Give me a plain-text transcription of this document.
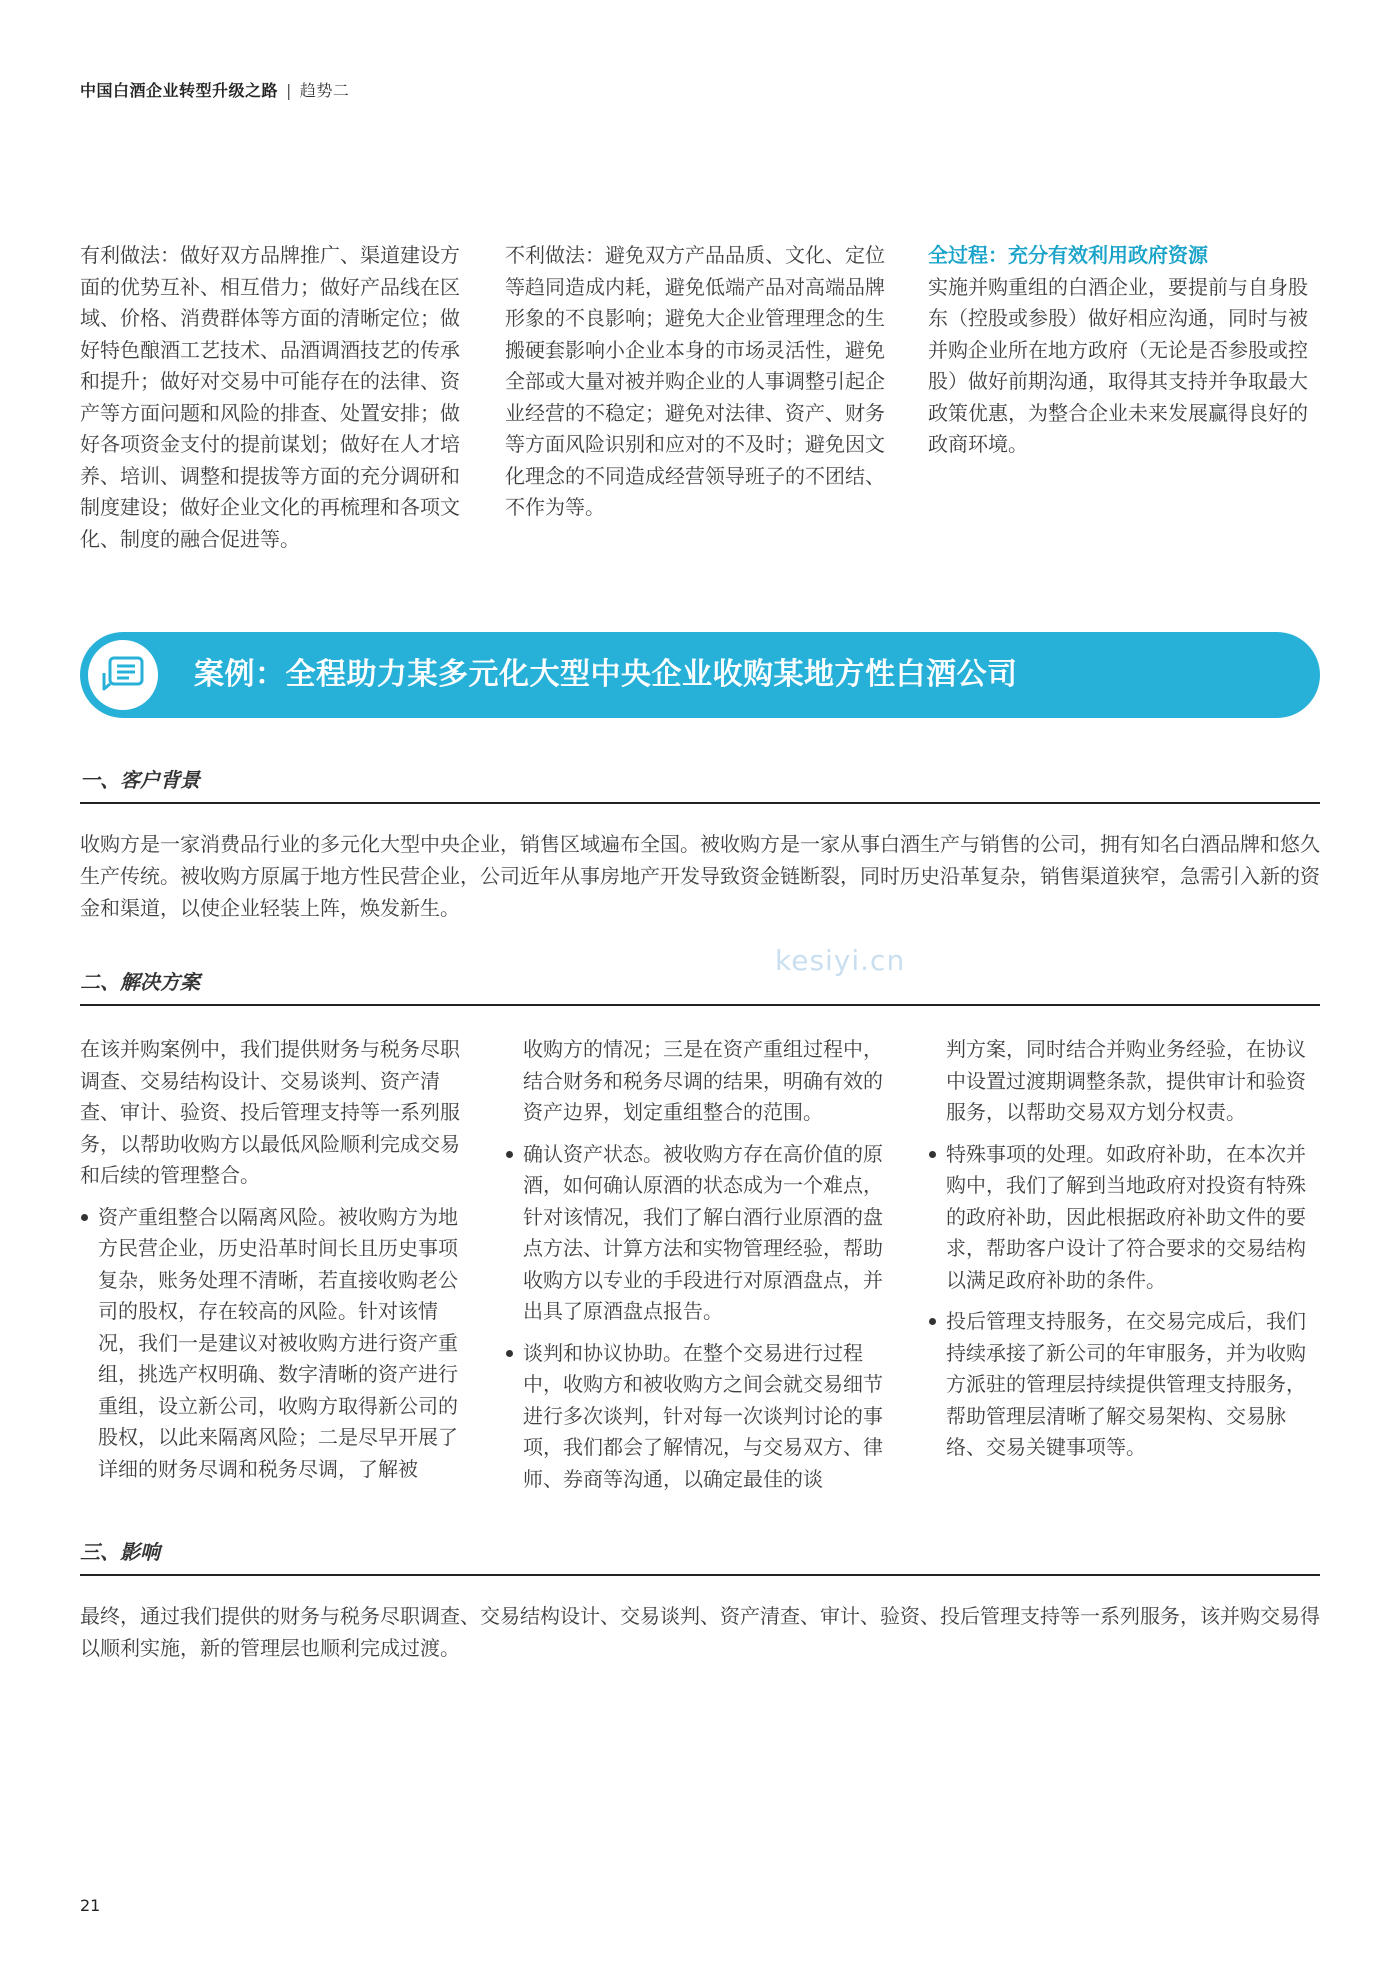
中国白酒企业转型升级之路 | 趋势二
有利做法：做好双方品牌推广、渠道建设方面的优势互补、相互借力；做好产品线在区域、价格、消费群体等方面的清晰定位；做好特色酿酒工艺技术、品酒调酒技艺的传承和提升；做好对交易中可能存在的法律、资产等方面问题和风险的排查、处置安排；做好各项资金支付的提前谋划；做好在人才培养、培训、调整和提拔等方面的充分调研和制度建设；做好企业文化的再梳理和各项文化、制度的融合促进等。
不利做法：避免双方产品品质、文化、定位等趋同造成内耗，避免低端产品对高端品牌形象的不良影响；避免大企业管理理念的生搬硬套影响小企业本身的市场灵活性，避免全部或大量对被并购企业的人事调整引起企业经营的不稳定；避免对法律、资产、财务等方面风险识别和应对的不及时；避免因文化理念的不同造成经营领导班子的不团结、不作为等。
全过程：充分有效利用政府资源
实施并购重组的白酒企业，要提前与自身股东（控股或参股）做好相应沟通，同时与被并购企业所在地方政府（无论是否参股或控股）做好前期沟通，取得其支持并争取最大政策优惠，为整合企业未来发展赢得良好的政商环境。
案例：全程助力某多元化大型中央企业收购某地方性白酒公司
一、客户背景
收购方是一家消费品行业的多元化大型中央企业，销售区域遍布全国。被收购方是一家从事白酒生产与销售的公司，拥有知名白酒品牌和悠久生产传统。被收购方原属于地方性民营企业，公司近年从事房地产开发导致资金链断裂，同时历史沿革复杂，销售渠道狭窄，急需引入新的资金和渠道，以使企业轻装上阵，焕发新生。
kesiyi.cn
二、解决方案
在该并购案例中，我们提供财务与税务尽职调查、交易结构设计、交易谈判、资产清查、审计、验资、投后管理支持等一系列服务，以帮助收购方以最低风险顺利完成交易和后续的管理整合。
资产重组整合以隔离风险。被收购方为地方民营企业，历史沿革时间长且历史事项复杂，账务处理不清晰，若直接收购老公司的股权，存在较高的风险。针对该情况，我们一是建议对被收购方进行资产重组，挑选产权明确、数字清晰的资产进行重组，设立新公司，收购方取得新公司的股权，以此来隔离风险；二是尽早开展了详细的财务尽调和税务尽调，了解被
收购方的情况；三是在资产重组过程中，结合财务和税务尽调的结果，明确有效的资产边界，划定重组整合的范围。
确认资产状态。被收购方存在高价值的原酒，如何确认原酒的状态成为一个难点，针对该情况，我们了解白酒行业原酒的盘点方法、计算方法和实物管理经验，帮助收购方以专业的手段进行对原酒盘点，并出具了原酒盘点报告。
谈判和协议协助。在整个交易进行过程中，收购方和被收购方之间会就交易细节进行多次谈判，针对每一次谈判讨论的事项，我们都会了解情况，与交易双方、律师、券商等沟通，以确定最佳的谈
判方案，同时结合并购业务经验，在协议中设置过渡期调整条款，提供审计和验资服务，以帮助交易双方划分权责。
特殊事项的处理。如政府补助，在本次并购中，我们了解到当地政府对投资有特殊的政府补助，因此根据政府补助文件的要求，帮助客户设计了符合要求的交易结构以满足政府补助的条件。
投后管理支持服务，在交易完成后，我们持续承接了新公司的年审服务，并为收购方派驻的管理层持续提供管理支持服务，帮助管理层清晰了解交易架构、交易脉络、交易关键事项等。
三、影响
最终，通过我们提供的财务与税务尽职调查、交易结构设计、交易谈判、资产清查、审计、验资、投后管理支持等一系列服务，该并购交易得以顺利实施，新的管理层也顺利完成过渡。
21
